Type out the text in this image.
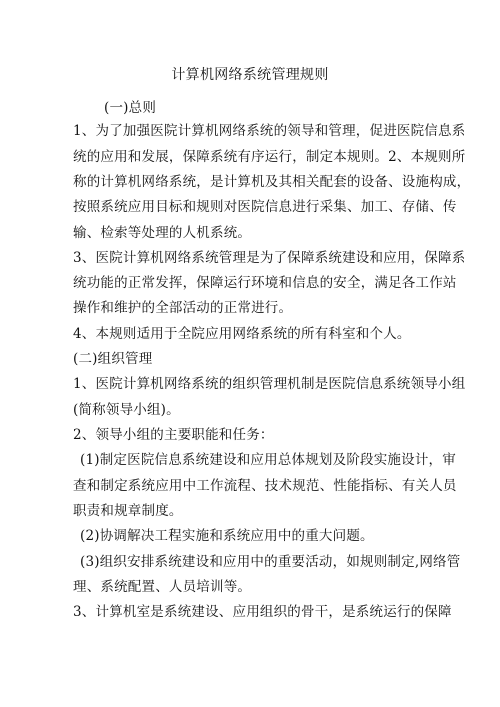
计算机网络系统管理规则
(一)总则
1、为了加强医院计算机网络系统的领导和管理，促进医院信息系
统的应用和发展，保障系统有序运行，制定本规则。2、本规则所
称的计算机网络系统，是计算机及其相关配套的设备、设施构成，
按照系统应用目标和规则对医院信息进行采集、加工、存储、传
输、检索等处理的人机系统。
3、医院计算机网络系统管理是为了保障系统建设和应用，保障系
统功能的正常发挥，保障运行环境和信息的安全，满足各工作站
操作和维护的全部活动的正常进行。
4、本规则适用于全院应用网络系统的所有科室和个人。
(二)组织管理
1、医院计算机网络系统的组织管理机制是医院信息系统领导小组
(简称领导小组)。
2、领导小组的主要职能和任务：
(1)制定医院信息系统建设和应用总体规划及阶段实施设计，审
查和制定系统应用中工作流程、技术规范、性能指标、有关人员
职责和规章制度。
(2)协调解决工程实施和系统应用中的重大问题。
(3)组织安排系统建设和应用中的重要活动，如规则制定,网络管
理、系统配置、人员培训等。
3、计算机室是系统建设、应用组织的骨干，是系统运行的保障
